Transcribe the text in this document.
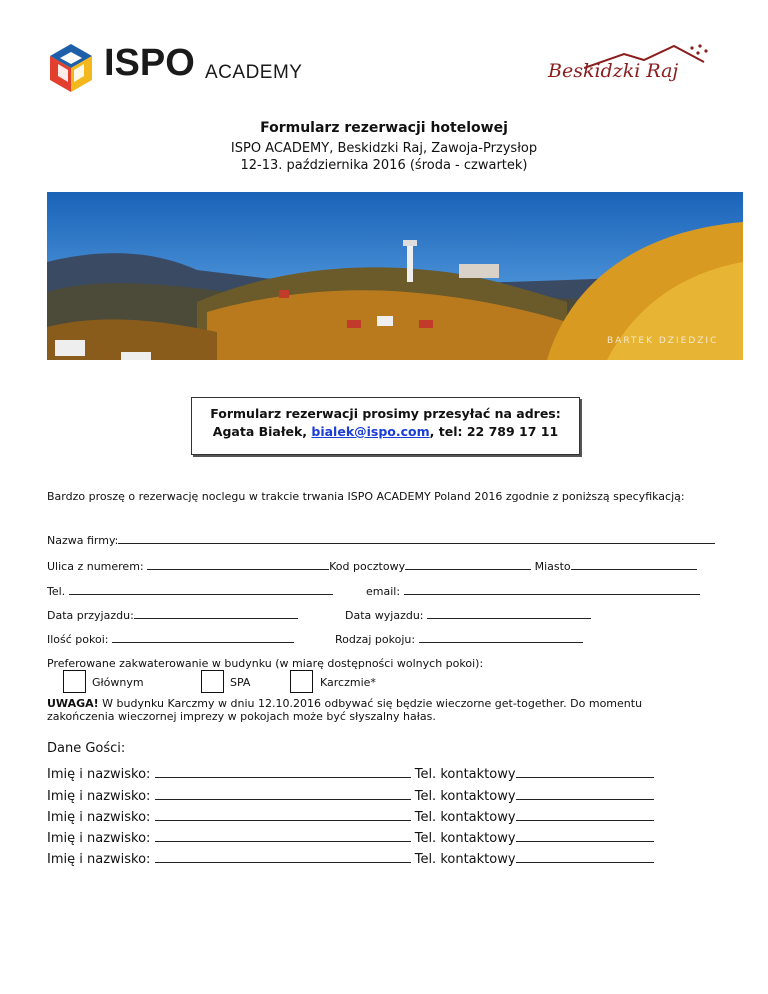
ISPO ACADEMY	Beskidzki Raj
Formularz rezerwacji hotelowej
ISPO ACADEMY, Beskidzki Raj, Zawoja-Przysłop
12-13. października 2016 (środa - czwartek)
BARTEK DZIEDZIC
Formularz rezerwacji prosimy przesyłać na adres:
Agata Białek, bialek@ispo.com, tel: 22 789 17 11
Bardzo proszę o rezerwację noclegu w trakcie trwania ISPO ACADEMY Poland 2016 zgodnie z poniższą specyfikacją:
Nazwa firmy:
Ulica z numerem:	Kod pocztowy	Miasto
Tel.	email:
Data przyjazdu:	Data wyjazdu:
Ilość pokoi:	Rodzaj pokoju:
Preferowane zakwaterowanie w budynku (w miarę dostępności wolnych pokoi):
Głównym	SPA	Karczmie*
UWAGA! W budynku Karczmy w dniu 12.10.2016 odbywać się będzie wieczorne get-together. Do momentu
zakończenia wieczornej imprezy w pokojach może być słyszalny hałas.
Dane Gości:
Imię i nazwisko:	Tel. kontaktowy
Imię i nazwisko:	Tel. kontaktowy
Imię i nazwisko:	Tel. kontaktowy
Imię i nazwisko:	Tel. kontaktowy
Imię i nazwisko:	Tel. kontaktowy
